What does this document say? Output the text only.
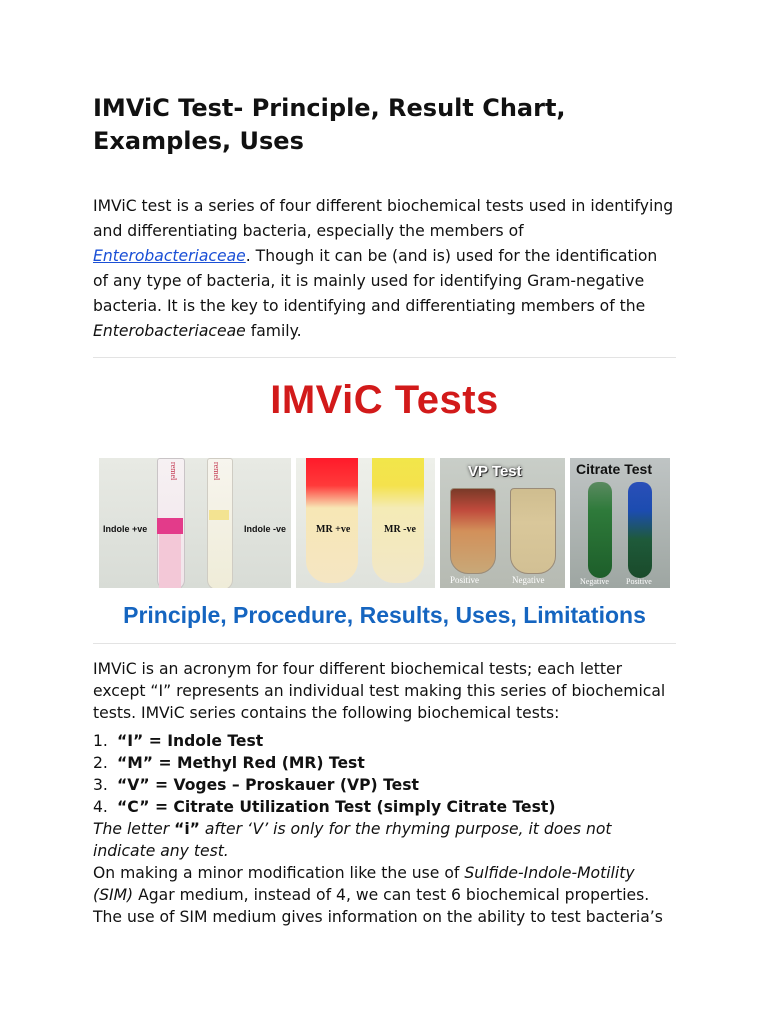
IMViC Test- Principle, Result Chart, Examples, Uses

IMViC test is a series of four different biochemical tests used in identifying and differentiating bacteria, especially the members of Enterobacteriaceae. Though it can be (and is) used for the identification of any type of bacteria, it is mainly used for identifying Gram-negative bacteria. It is the key to identifying and differentiating members of the Enterobacteriaceae family.

IMViC Tests
remel	remel
Indole +ve	Indole -ve	MR +ve	MR -ve
VP Test
Positive	Negative
Citrate Test
Negative Positive
Principle, Procedure, Results, Uses, Limitations

IMViC is an acronym for four different biochemical tests; each letter except “I” represents an individual test making this series of biochemical tests. IMViC series contains the following biochemical tests:

1. “I” = Indole Test
2. “M” = Methyl Red (MR) Test
3. “V” = Voges – Proskauer (VP) Test
4. “C” = Citrate Utilization Test (simply Citrate Test)

The letter “i” after ‘V’ is only for the rhyming purpose, it does not indicate any test.

On making a minor modification like the use of Sulfide-Indole-Motility (SIM) Agar medium, instead of 4, we can test 6 biochemical properties. The use of SIM medium gives information on the ability to test bacteria’s
